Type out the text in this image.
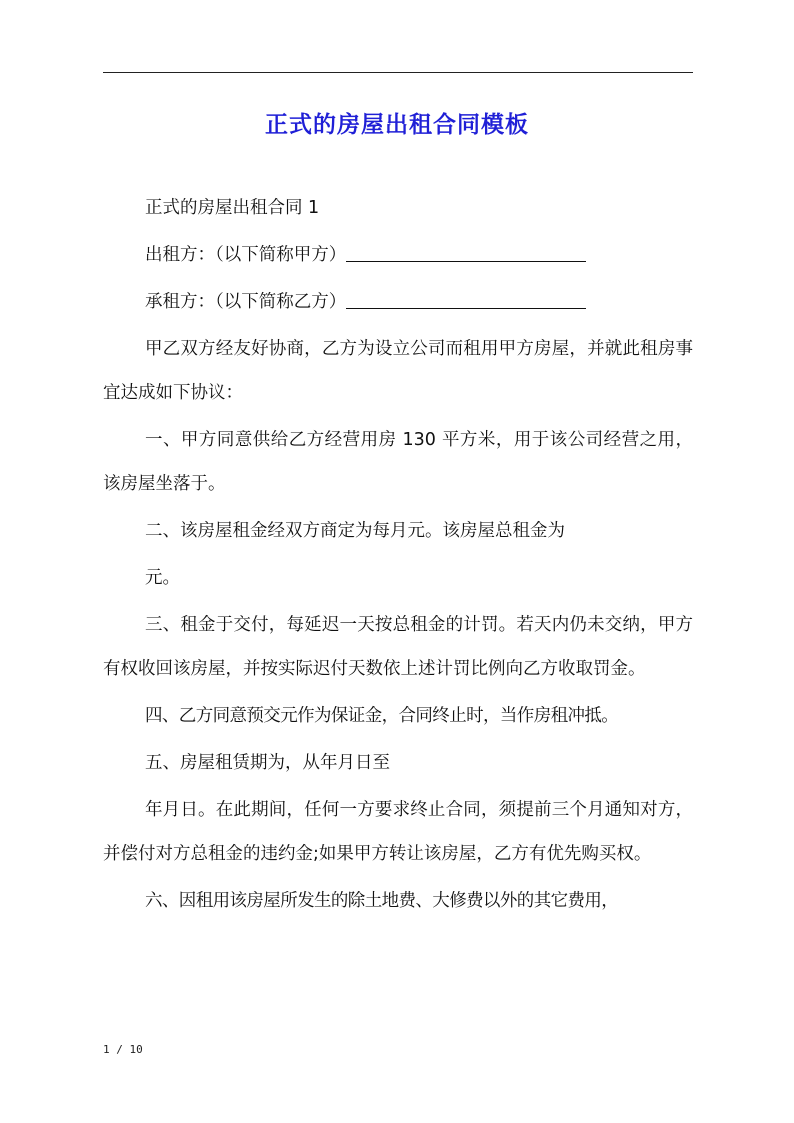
正式的房屋出租合同模板

正式的房屋出租合同 1

出租方：（以下简称甲方）

承租方：（以下简称乙方）

甲乙双方经友好协商，乙方为设立公司而租用甲方房屋，并就此租房事宜达成如下协议：

一、甲方同意供给乙方经营用房 130 平方米，用于该公司经营之用，该房屋坐落于。

二、该房屋租金经双方商定为每月元。该房屋总租金为

元。

三、租金于交付，每延迟一天按总租金的计罚。若天内仍未交纳，甲方有权收回该房屋，并按实际迟付天数依上述计罚比例向乙方收取罚金。

四、乙方同意预交元作为保证金，合同终止时，当作房租冲抵。

五、房屋租赁期为，从年月日至

年月日。在此期间，任何一方要求终止合同，须提前三个月通知对方，并偿付对方总租金的违约金;如果甲方转让该房屋，乙方有优先购买权。

六、因租用该房屋所发生的除土地费、大修费以外的其它费用，

1 / 10
